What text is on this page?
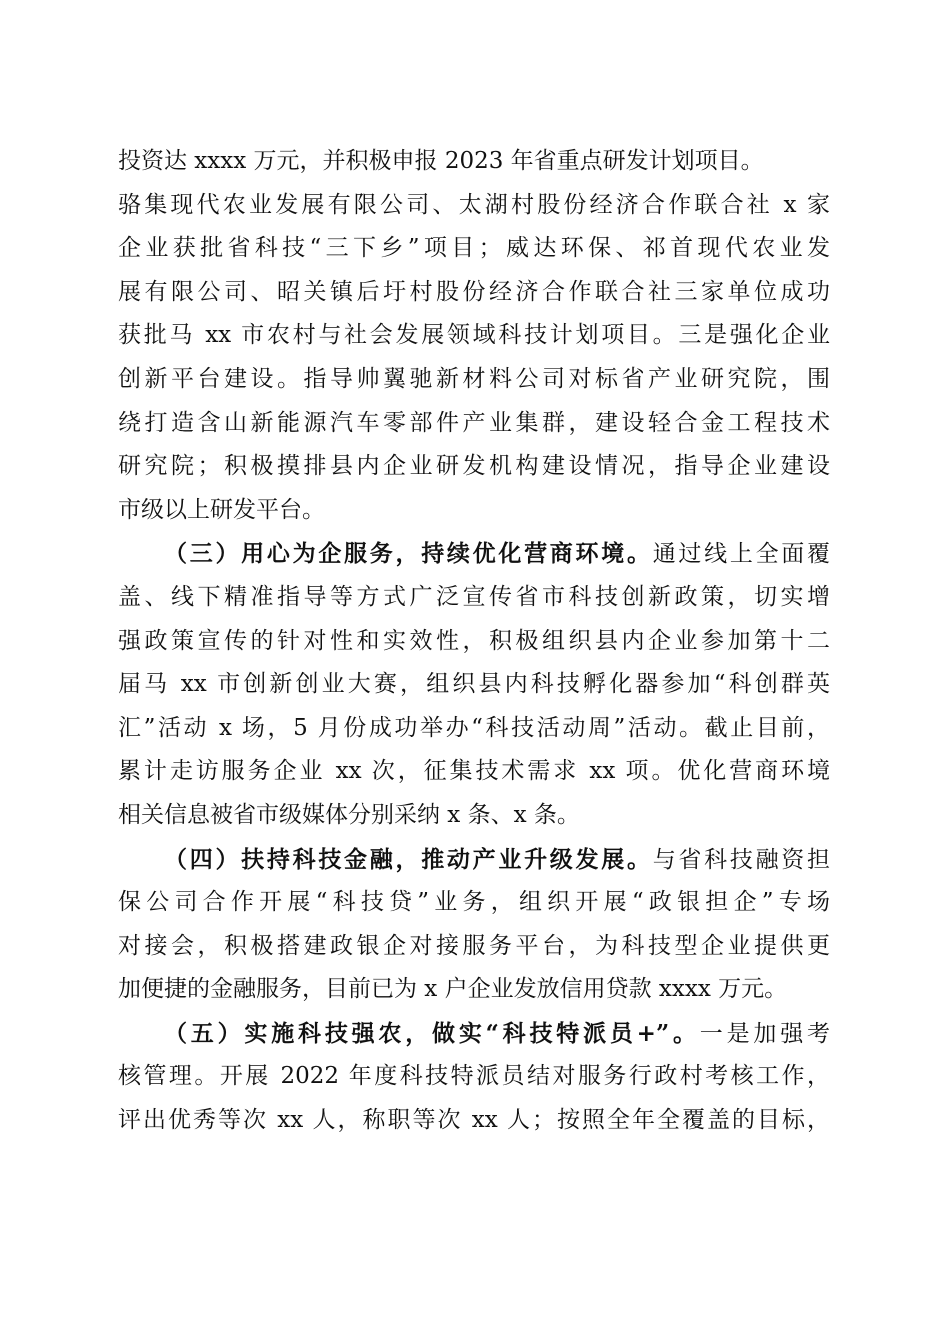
投资达 xxxx 万元，并积极申报 2023 年省重点研发计划项目。
骆集现代农业发展有限公司、太湖村股份经济合作联合社 x 家
企业获批省科技“三下乡”项目；威达环保、祁首现代农业发
展有限公司、昭关镇后圩村股份经济合作联合社三家单位成功
获批马 xx 市农村与社会发展领域科技计划项目。三是强化企业
创新平台建设。指导帅翼驰新材料公司对标省产业研究院，围
绕打造含山新能源汽车零部件产业集群，建设轻合金工程技术
研究院；积极摸排县内企业研发机构建设情况，指导企业建设
市级以上研发平台。
（三）用心为企服务，持续优化营商环境。通过线上全面覆
盖、线下精准指导等方式广泛宣传省市科技创新政策，切实增
强政策宣传的针对性和实效性，积极组织县内企业参加第十二
届马 xx 市创新创业大赛，组织县内科技孵化器参加“科创群英
汇”活动 x 场，5 月份成功举办“科技活动周”活动。截止目前，
累计走访服务企业 xx 次，征集技术需求 xx 项。优化营商环境
相关信息被省市级媒体分别采纳 x 条、x 条。
（四）扶持科技金融，推动产业升级发展。与省科技融资担
保公司合作开展“科技贷”业务，组织开展“政银担企”专场
对接会，积极搭建政银企对接服务平台，为科技型企业提供更
加便捷的金融服务，目前已为 x 户企业发放信用贷款 xxxx 万元。
（五）实施科技强农，做实“科技特派员+”。一是加强考
核管理。开展 2022 年度科技特派员结对服务行政村考核工作，
评出优秀等次 xx 人，称职等次 xx 人；按照全年全覆盖的目标，
